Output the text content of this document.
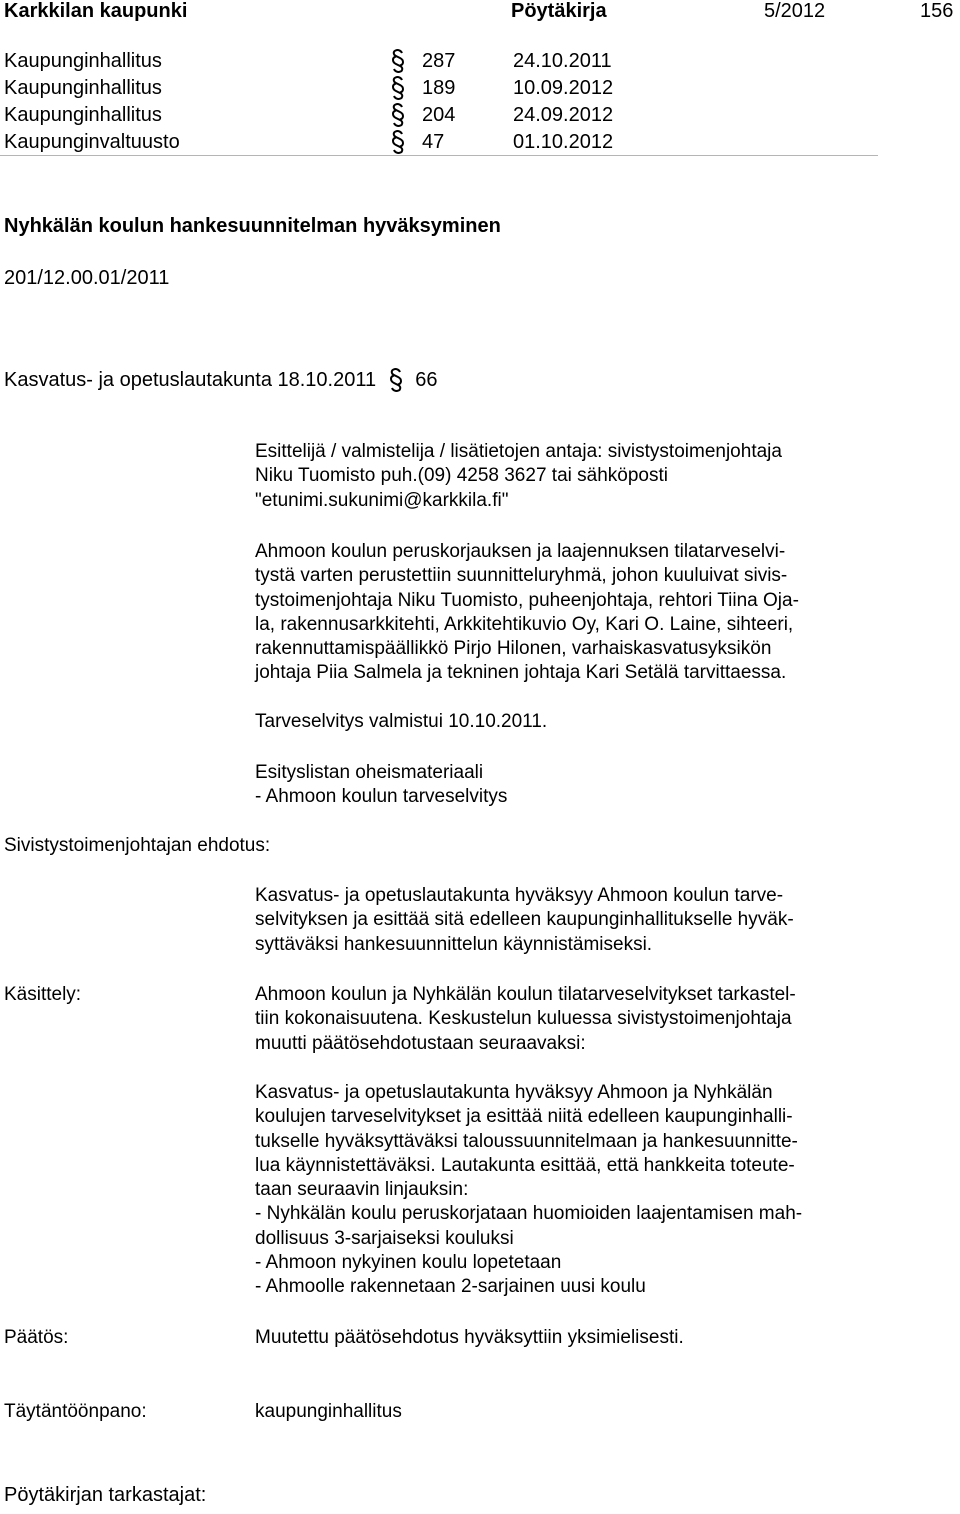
Karkkilan kaupunki	Pöytäkirja	5/2012	156
Kaupunginhallitus	287	24.10.2011
Kaupunginhallitus	189	10.09.2012
Kaupunginhallitus	204	24.09.2012
Kaupunginvaltuusto	47	01.10.2012
Nyhkälän koulun hankesuunnitelman hyväksyminen
201/12.00.01/2011
Kasvatus- ja opetuslautakunta 18.10.2011 66
Esittelijä / valmistelija / lisätietojen antaja: sivistystoimenjohtaja
Niku Tuomisto puh.(09) 4258 3627 tai sähköposti
"etunimi.sukunimi@karkkila.fi"
Ahmoon koulun peruskorjauksen ja laajennuksen tilatarveselvi-
tystä varten perustettiin suunnitteluryhmä, johon kuuluivat sivis-
tystoimenjohtaja Niku Tuomisto, puheenjohtaja, rehtori Tiina Oja-
la, rakennusarkkitehti, Arkkitehtikuvio Oy, Kari O. Laine, sihteeri,
rakennuttamispäällikkö Pirjo Hilonen, varhaiskasvatusyksikön
johtaja Piia Salmela ja tekninen johtaja Kari Setälä tarvittaessa.
Tarveselvitys valmistui 10.10.2011.
Esityslistan oheismateriaali
- Ahmoon koulun tarveselvitys
Sivistystoimenjohtajan ehdotus:
Kasvatus- ja opetuslautakunta hyväksyy Ahmoon koulun tarve-
selvityksen ja esittää sitä edelleen kaupunginhallitukselle hyväk-
syttäväksi hankesuunnittelun käynnistämiseksi.
Käsittely:	Ahmoon koulun ja Nyhkälän koulun tilatarveselvitykset tarkastel-
tiin kokonaisuutena. Keskustelun kuluessa sivistystoimenjohtaja
muutti päätösehdotustaan seuraavaksi:
Kasvatus- ja opetuslautakunta hyväksyy Ahmoon ja Nyhkälän
koulujen tarveselvitykset ja esittää niitä edelleen kaupunginhalli-
tukselle hyväksyttäväksi taloussuunnitelmaan ja hankesuunnitte-
lua käynnistettäväksi. Lautakunta esittää, että hankkeita toteute-
taan seuraavin linjauksin:
- Nyhkälän koulu peruskorjataan huomioiden laajentamisen mah-
dollisuus 3-sarjaiseksi kouluksi
- Ahmoon nykyinen koulu lopetetaan
- Ahmoolle rakennetaan 2-sarjainen uusi koulu
Päätös:	Muutettu päätösehdotus hyväksyttiin yksimielisesti.
Täytäntöönpano:	kaupunginhallitus
Pöytäkirjan tarkastajat:
